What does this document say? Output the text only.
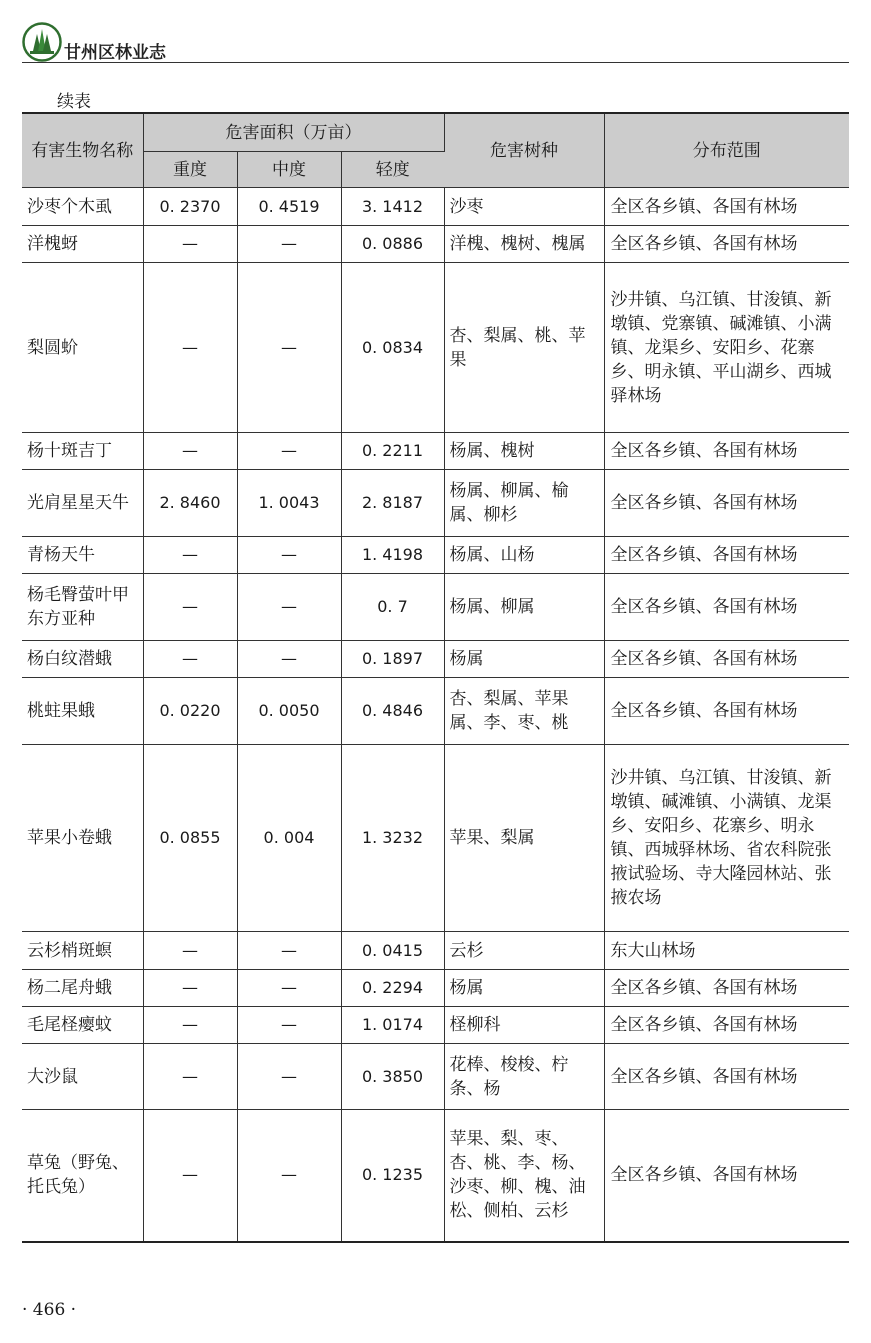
甘州区林业志
续表
有害生物名称	危害面积（万亩）			危害树种	分布范围
	重度	中度	轻度		
沙枣个木虱	0. 2370	0. 4519	3. 1412	沙枣	全区各乡镇、各国有林场
洋槐蚜	—	—	0. 0886	洋槐、槐树、槐属	全区各乡镇、各国有林场
梨圆蚧	—	—	0. 0834	杏、梨属、桃、苹果	沙井镇、乌江镇、甘浚镇、新墩镇、党寨镇、碱滩镇、小满镇、龙渠乡、安阳乡、花寨乡、明永镇、平山湖乡、西城驿林场
杨十斑吉丁	—	—	0. 2211	杨属、槐树	全区各乡镇、各国有林场
光肩星星天牛	2. 8460	1. 0043	2. 8187	杨属、柳属、榆属、柳杉	全区各乡镇、各国有林场
青杨天牛	—	—	1. 4198	杨属、山杨	全区各乡镇、各国有林场
杨毛臀萤叶甲东方亚种	—	—	0. 7	杨属、柳属	全区各乡镇、各国有林场
杨白纹潜蛾	—	—	0. 1897	杨属	全区各乡镇、各国有林场
桃蛀果蛾	0. 0220	0. 0050	0. 4846	杏、梨属、苹果属、李、枣、桃	全区各乡镇、各国有林场
苹果小卷蛾	0. 0855	0. 004	1. 3232	苹果、梨属	沙井镇、乌江镇、甘浚镇、新墩镇、碱滩镇、小满镇、龙渠乡、安阳乡、花寨乡、明永镇、西城驿林场、省农科院张掖试验场、寺大隆园林站、张掖农场
云杉梢斑螟	—	—	0. 0415	云杉	东大山林场
杨二尾舟蛾	—	—	0. 2294	杨属	全区各乡镇、各国有林场
毛尾柽瘿蚊	—	—	1. 0174	柽柳科	全区各乡镇、各国有林场
大沙鼠	—	—	0. 3850	花棒、梭梭、柠条、杨	全区各乡镇、各国有林场
草兔（野兔、托氏兔）	—	—	0. 1235	苹果、梨、枣、杏、桃、李、杨、沙枣、柳、槐、油松、侧柏、云杉	全区各乡镇、各国有林场
· 466 ·
